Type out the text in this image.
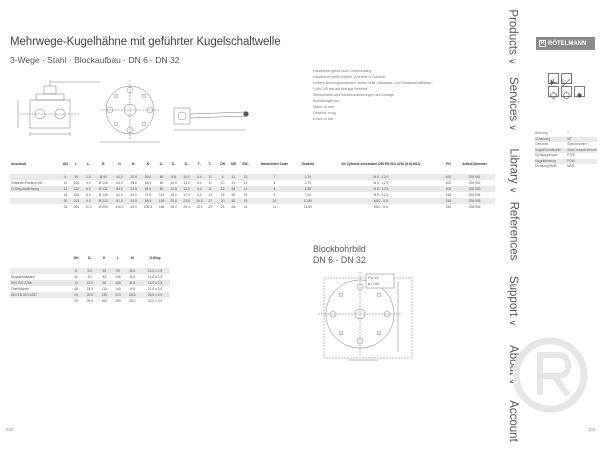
Mehrwege-Kugelhähne mit geführter Kugelschaltwelle
3-Wege · Stahl · Blockaufbau · DN 6 - DN 32
Handhebel gehört zum Lieferumfang.
Handhebel siehe Kapitel „Antriebe & Zubehör“
weitere Bohrungsvarianten: siehe Seite „Standard- und Sonderschaltbilder“
¹) bis 100 bar auf Anfrage lieferbar
Stellantriebe und Sonderausführungen auf Anfrage
Bestellungen an:
Maße: in mm
Gewicht: in kg
Druck: in bar
Anschluß	DN	L	L₁	B	H	H₁	K	D₁	D₂	D₃	T₁	T₂		DN	SW	SW₁	Hand-hebel Code	Gewicht	für Zylinder-schrauben DIN EN ISO 4762 (8.8) M12)	PN	Artikel-Nummer
	6	90	2.5	Ø 90	40.0	20.0	50.0	69	8.5	10.0	6.4	11		6	31	12	7	1.74	M 6 - 12.9	400	208 901
Gewinde-Flansch mit	10	106	4.0	Ø 106	54.0	25.0	64.5	80	10.5	13.0	6.4	11		10	41	14	8	2.70	M 6 - 12.9	400	208 902
O-Ring-Abdichtung	12	132	6.0	Ø 132	54.0	21.5	64.5	80	12.5	13.0	6.4	11		12	36	14	8	4.58	M 8 - 12.9	400	208 903
	16	145	8.0	Ø 145	64.0	45.0	76.5	115	16.0	17.0	8.5	13		16	50	19	9	7.00	M 8 - 12.9	315	208 904
	20	213	9.0	Ø 213	81.0	34.5	89.0	135	20.5	21.5	10.5	17		20	50	19	10	10.80	M10 - 8.8	315	208 905
	25	250	10.0	Ø 250	106.0	62.0	106.5	166	26.0	26.0	13.0	20		25	65	24	11	16.60	M12 - 8.8	250	208 906
	DN	D₁	K	L	M	O-Ring
	6	6.0	65	90	M 6	12.0 x 2.5
Abgeschlossene	10	8.0	83	106	M 6	14.0 x 2.5
DIN ISO 2768	12	12.5	65	106	M 8	16.0 x 2.5
Oberflächen	16	15.0	110	145	M 8	22.0 x 3.0
DIN EN ISO 4287	20	20.0	135	213	M10	25.0 x 3.5
	25	25.5	260	250	M12	33.0 x 3.0
Blockbohrbild
DN 6 - DN 32
Ra 16
⌀ 0.06
100	101
Products ∨
Services ∨
Library ∨
References
Support ∨
About ∨
Account
R RÖTELMANN
Bohrung	T
Schaltweg	90°
Gehäuse	Stahl brüniert
Kugel/Schaltwelle	Stahl, hartverchromt
Dichtung/Kugel	PTFE
Kugeldichtung	POM
Dichtung/Welle	NBR
